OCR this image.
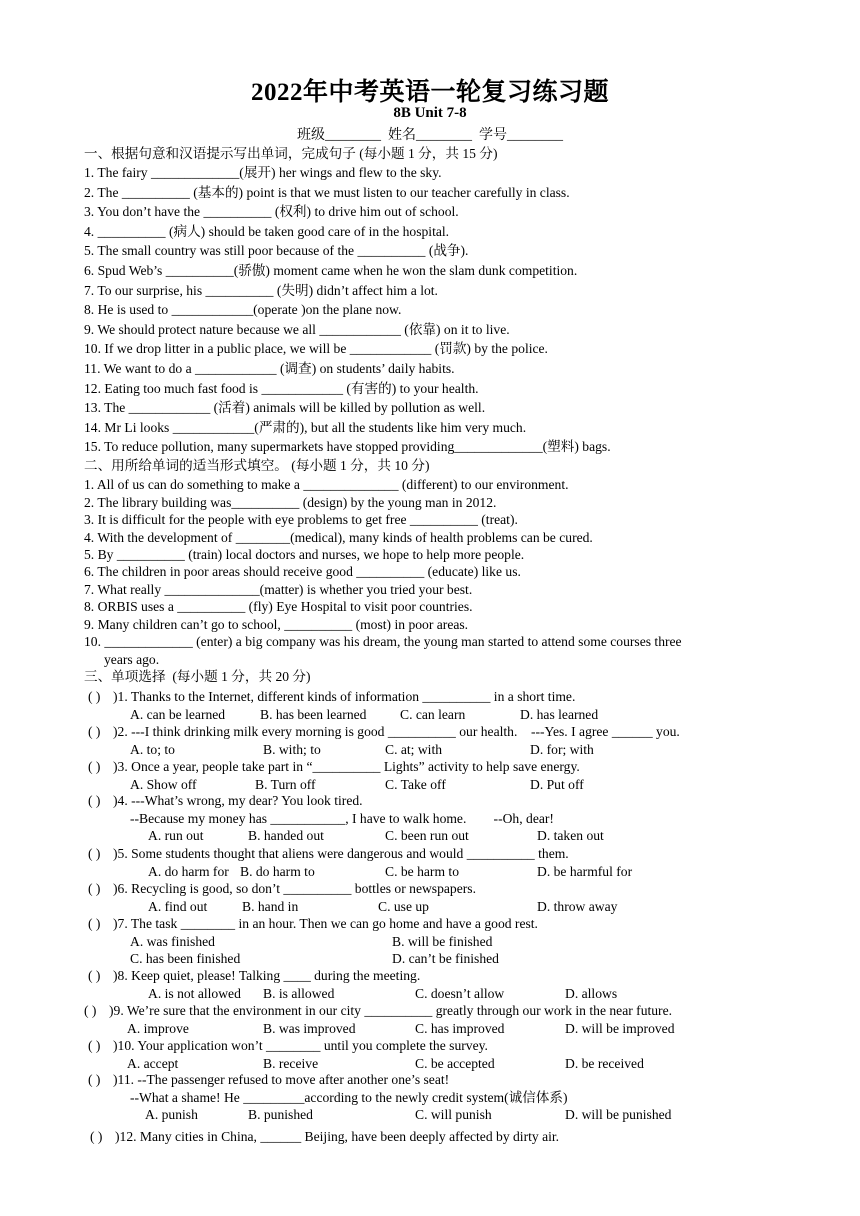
2022年中考英语一轮复习练习题
8B Unit 7-8
班级________  姓名________  学号________
一、根据句意和汉语提示写出单词，完成句子 (每小题 1 分，共 15 分)
1. The fairy _____________(展开) her wings and flew to the sky.
2. The __________ (基本的) point is that we must listen to our teacher carefully in class.
3. You don’t have the __________ (权利) to drive him out of school.
4. __________ (病人) should be taken good care of in the hospital.
5. The small country was still poor because of the __________ (战争).
6. Spud Web’s __________(骄傲) moment came when he won the slam dunk competition.
7. To our surprise, his __________ (失明) didn’t affect him a lot.
8. He is used to ____________(operate )on the plane now.
9. We should protect nature because we all ____________ (依靠) on it to live.
10. If we drop litter in a public place, we will be ____________ (罚款) by the police.
11. We want to do a ____________ (调查) on students’ daily habits.
12. Eating too much fast food is ____________ (有害的) to your health.
13. The ____________ (活着) animals will be killed by pollution as well.
14. Mr Li looks ____________(严肃的), but all the students like him very much.
15. To reduce pollution, many supermarkets have stopped providing_____________(塑料) bags.
二、用所给单词的适当形式填空。 (每小题 1 分，共 10 分)
1. All of us can do something to make a ______________ (different) to our environment.
2. The library building was__________ (design) by the young man in 2012.
3. It is difficult for the people with eye problems to get free __________ (treat).
4. With the development of ________(medical), many kinds of health problems can be cured.
5. By __________ (train) local doctors and nurses, we hope to help more people.
6. The children in poor areas should receive good __________ (educate) like us.
7. What really ______________(matter) is whether you tried your best.
8. ORBIS uses a __________ (fly) Eye Hospital to visit poor countries.
9. Many children can’t go to school, __________ (most) in poor areas.
10. _____________ (enter) a big company was his dream, the young man started to attend some courses three
years ago.
三、单项选择  (每小题 1 分，共 20 分)
( ) )1. Thanks to the Internet, different kinds of information __________ in a short time.
A. can be learned	B. has been learned C. can learn	D. has learned
( ) )2. ---I think drinking milk every morning is good __________ our health.    ---Yes. I agree ______ you.
A. to; to	B. with; to	C. at; with	D. for; with
( ) )3. Once a year, people take part in “__________ Lights” activity to help save energy.
A. Show off	B. Turn off	C. Take off	D. Put off
( ) )4. ---What’s wrong, my dear? You look tired.
--Because my money has ___________, I have to walk home.        --Oh, dear!
A. run out	B. handed out	C. been run out	D. taken out
( ) )5. Some students thought that aliens were dangerous and would __________ them.
A. do harm for B. do harm to	C. be harm to	D. be harmful for
( ) )6. Recycling is good, so don’t __________ bottles or newspapers.
A. find out	B. hand in	C. use up	D. throw away
( ) )7. The task ________ in an hour. Then we can go home and have a good rest.
A. was finished	B. will be finished
C. has been finished	D. can’t be finished
( ) )8. Keep quiet, please! Talking ____ during the meeting.
A. is not allowed B. is allowed	C. doesn’t allow	D. allows
( ) )9. We’re sure that the environment in our city __________ greatly through our work in the near future.
A. improve	B. was improved	C. has improved	D. will be improved
( ) )10. Your application won’t ________ until you complete the survey.
A. accept	B. receive	C. be accepted	D. be received
( ) )11. --The passenger refused to move after another one’s seat!
--What a shame! He _________according to the newly credit system(诚信体系)
A. punish	B. punished	C. will punish	D. will be punished
( ) )12. Many cities in China, ______ Beijing, have been deeply affected by dirty air.
